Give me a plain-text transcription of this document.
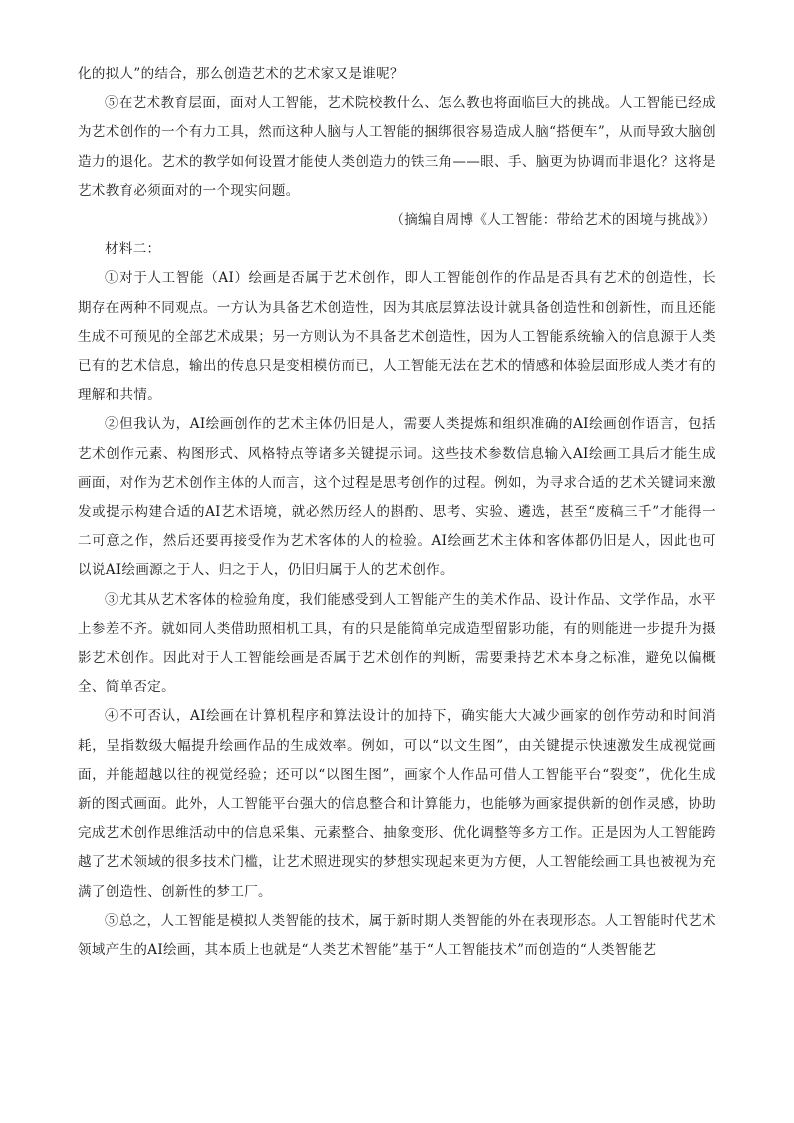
化的拟人”的结合，那么创造艺术的艺术家又是谁呢？

⑤在艺术教育层面，面对人工智能，艺术院校教什么、怎么教也将面临巨大的挑战。人工智能已经成为艺术创作的一个有力工具，然而这种人脑与人工智能的捆绑很容易造成人脑“搭便车”，从而导致大脑创造力的退化。艺术的教学如何设置才能使人类创造力的铁三角——眼、手、脑更为协调而非退化？这将是艺术教育必须面对的一个现实问题。

（摘编自周博《人工智能：带给艺术的困境与挑战》）

材料二：

①对于人工智能（AI）绘画是否属于艺术创作，即人工智能创作的作品是否具有艺术的创造性，长期存在两种不同观点。一方认为具备艺术创造性，因为其底层算法设计就具备创造性和创新性，而且还能生成不可预见的全部艺术成果；另一方则认为不具备艺术创造性，因为人工智能系统输入的信息源于人类已有的艺术信息，输出的传息只是变相模仿而已，人工智能无法在艺术的情感和体验层面形成人类才有的理解和共情。

②但我认为，AI绘画创作的艺术主体仍旧是人，需要人类提炼和组织准确的AI绘画创作语言，包括艺术创作元素、构图形式、风格特点等诸多关键提示词。这些技术参数信息输入AI绘画工具后才能生成画面，对作为艺术创作主体的人而言，这个过程是思考创作的过程。例如，为寻求合适的艺术关键词来激发或提示构建合适的AI艺术语境，就必然历经人的斟酌、思考、实验、遴选，甚至“废稿三千”才能得一二可意之作，然后还要再接受作为艺术客体的人的检验。AI绘画艺术主体和客体都仍旧是人，因此也可以说AI绘画源之于人、归之于人，仍旧归属于人的艺术创作。

③尤其从艺术客体的检验角度，我们能感受到人工智能产生的美术作品、设计作品、文学作品，水平上参差不齐。就如同人类借助照相机工具，有的只是能简单完成造型留影功能，有的则能进一步提升为摄影艺术创作。因此对于人工智能绘画是否属于艺术创作的判断，需要秉持艺术本身之标准，避免以偏概全、简单否定。

④不可否认，AI绘画在计算机程序和算法设计的加持下，确实能大大减少画家的创作劳动和时间消耗，呈指数级大幅提升绘画作品的生成效率。例如，可以“以文生图”，由关键提示快速激发生成视觉画面，并能超越以往的视觉经验；还可以“以图生图”，画家个人作品可借人工智能平台“裂变”，优化生成新的图式画面。此外，人工智能平台强大的信息整合和计算能力，也能够为画家提供新的创作灵感，协助完成艺术创作思维活动中的信息采集、元素整合、抽象变形、优化调整等多方工作。正是因为人工智能跨越了艺术领域的很多技术门槛，让艺术照进现实的梦想实现起来更为方便，人工智能绘画工具也被视为充满了创造性、创新性的梦工厂。

⑤总之，人工智能是模拟人类智能的技术，属于新时期人类智能的外在表现形态。人工智能时代艺术领域产生的AI绘画，其本质上也就是“人类艺术智能”基于“人工智能技术”而创造的“人类智能艺
